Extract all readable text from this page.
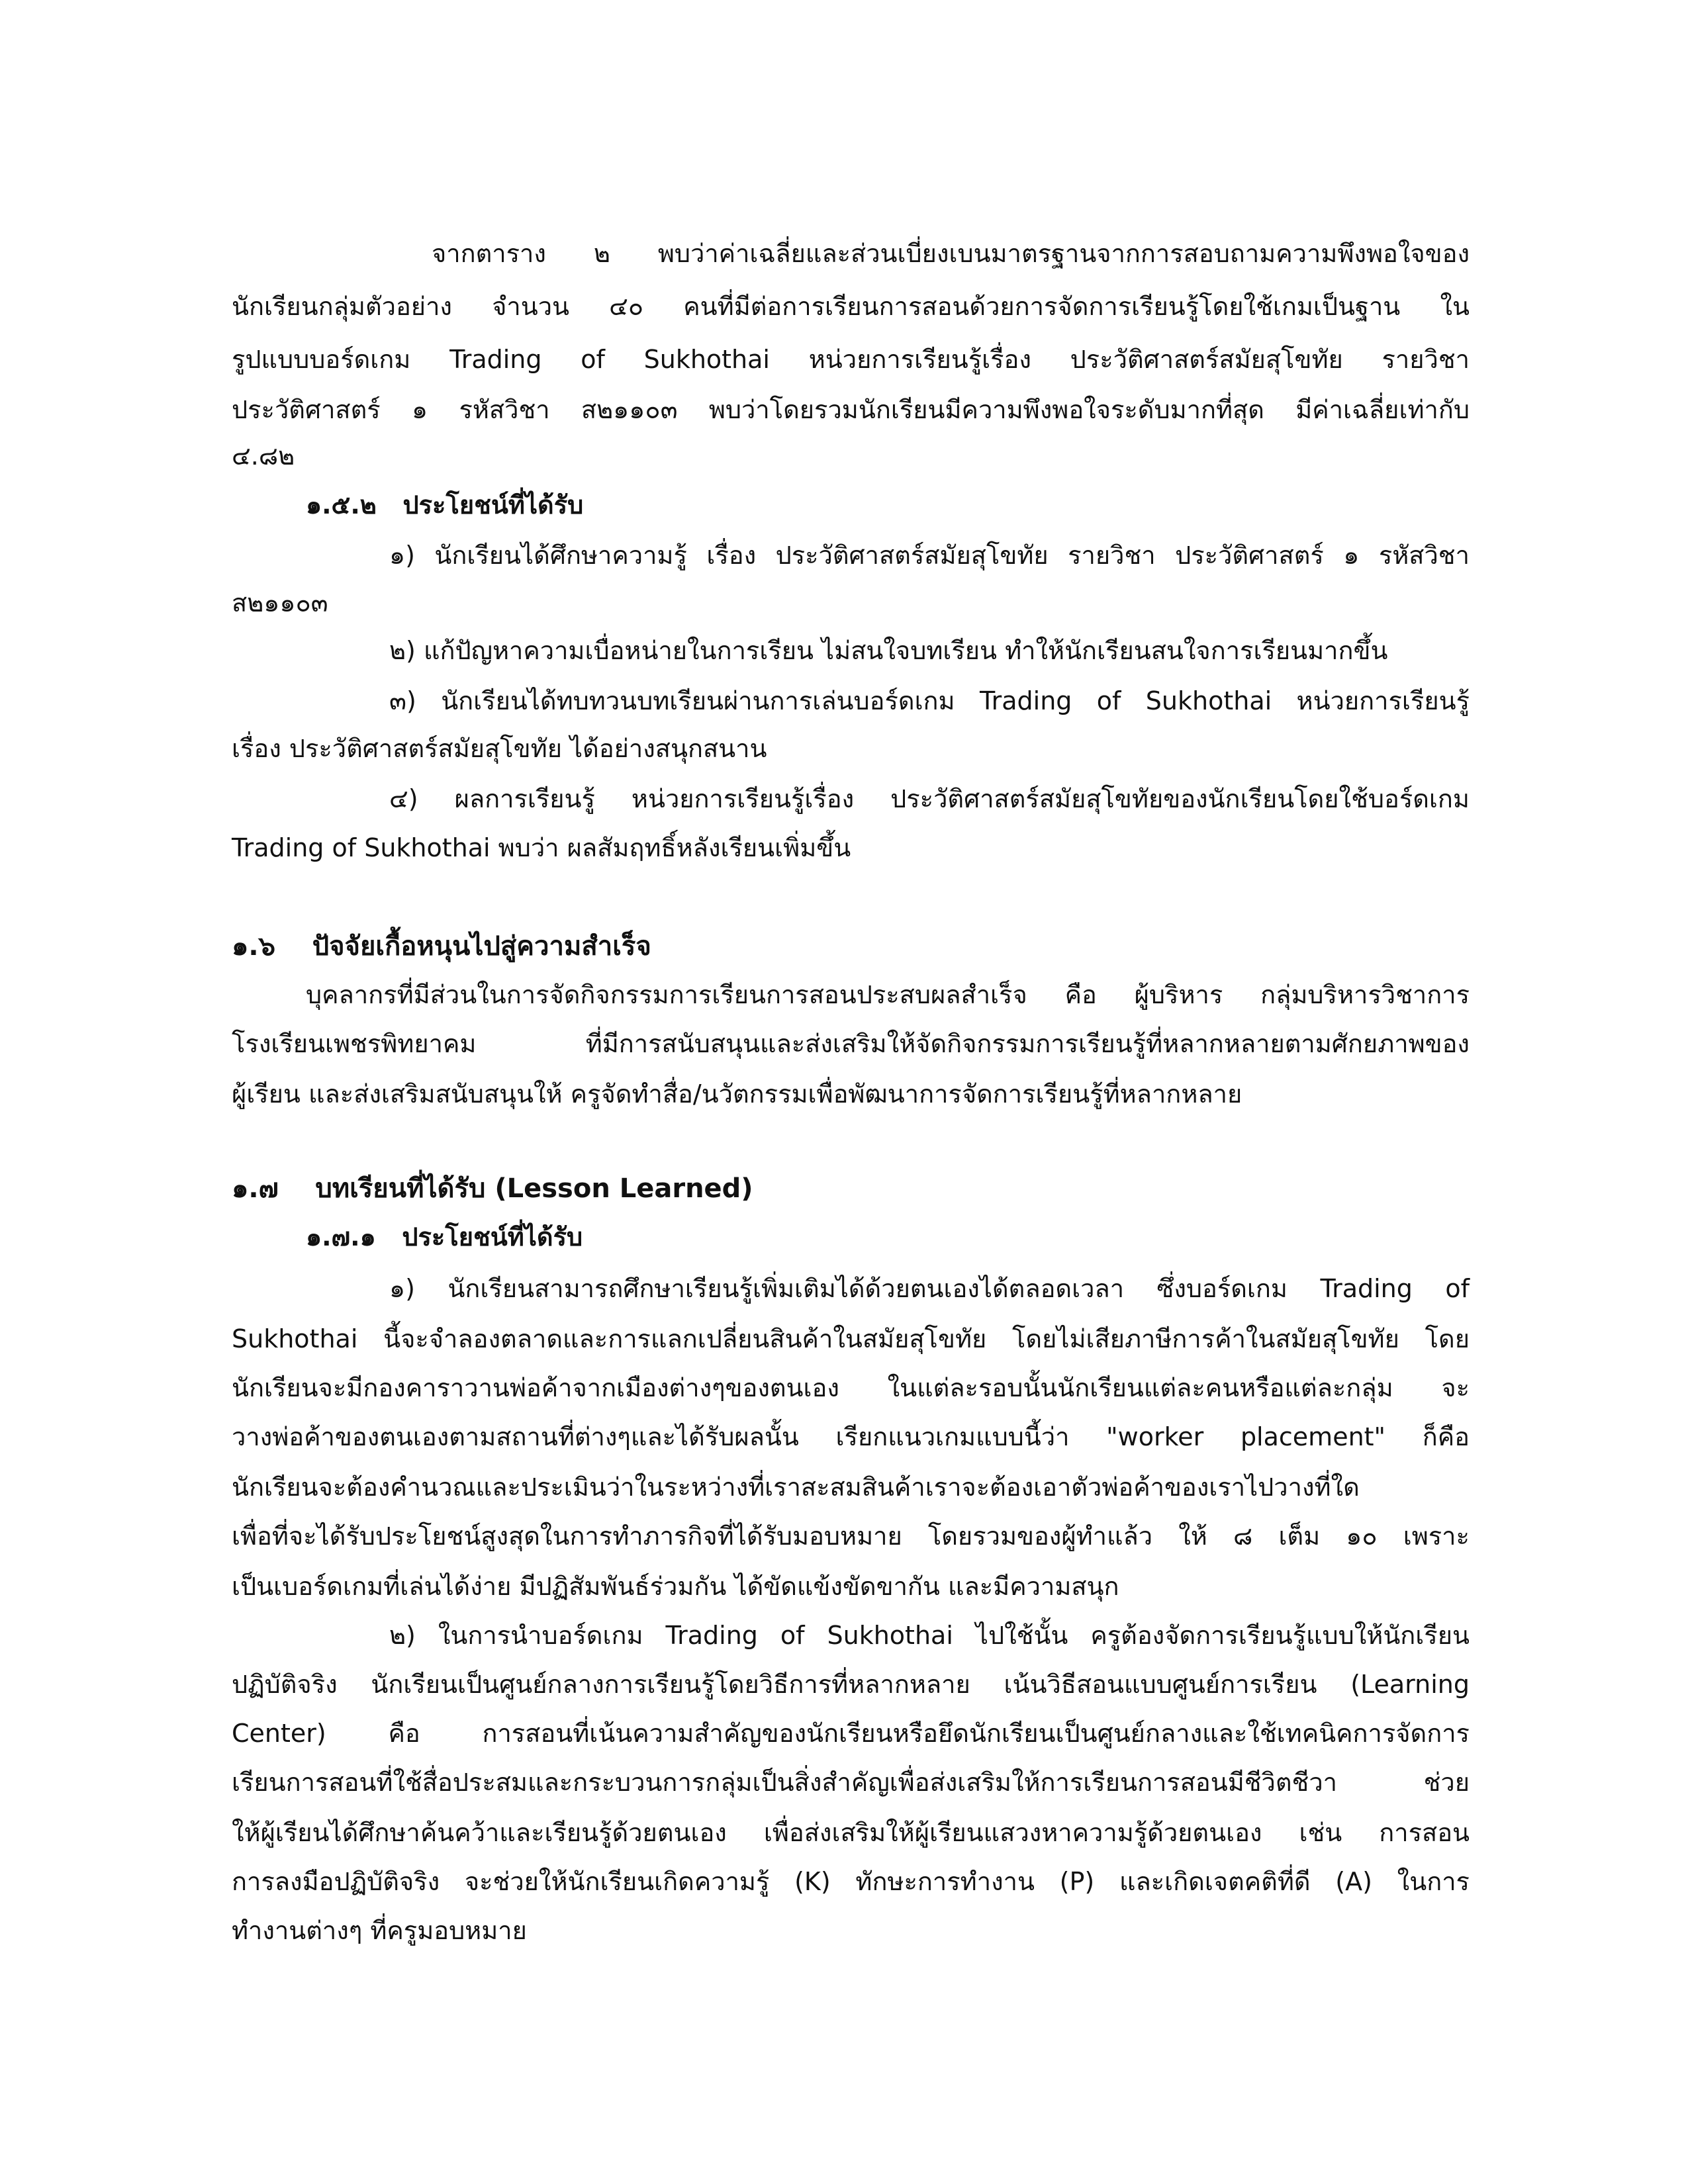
จากตาราง ๒ พบว่าค่าเฉลี่ยและส่วนเบี่ยงเบนมาตรฐานจากการสอบถามความพึงพอใจของ
นักเรียนกลุ่มตัวอย่าง จำนวน ๔๐ คนที่มีต่อการเรียนการสอนด้วยการจัดการเรียนรู้โดยใช้เกมเป็นฐาน ใน
รูปแบบบอร์ดเกม Trading of Sukhothai หน่วยการเรียนรู้เรื่อง ประวัติศาสตร์สมัยสุโขทัย รายวิชา
ประวัติศาสตร์ ๑ รหัสวิชา ส๒๑๑๐๓ พบว่าโดยรวมนักเรียนมีความพึงพอใจระดับมากที่สุด มีค่าเฉลี่ยเท่ากับ
๔.๘๒
๑.๕.๒ ประโยชน์ที่ได้รับ
๑) นักเรียนได้ศึกษาความรู้ เรื่อง ประวัติศาสตร์สมัยสุโขทัย รายวิชา ประวัติศาสตร์ ๑ รหัสวิชา
ส๒๑๑๐๓
๒) แก้ปัญหาความเบื่อหน่ายในการเรียน ไม่สนใจบทเรียน ทำให้นักเรียนสนใจการเรียนมากขึ้น
๓) นักเรียนได้ทบทวนบทเรียนผ่านการเล่นบอร์ดเกม Trading of Sukhothai หน่วยการเรียนรู้
เรื่อง ประวัติศาสตร์สมัยสุโขทัย ได้อย่างสนุกสนาน
๔) ผลการเรียนรู้ หน่วยการเรียนรู้เรื่อง ประวัติศาสตร์สมัยสุโขทัยของนักเรียนโดยใช้บอร์ดเกม
Trading of Sukhothai พบว่า ผลสัมฤทธิ์หลังเรียนเพิ่มขึ้น
๑.๖ ปัจจัยเกื้อหนุนไปสู่ความสำเร็จ
บุคลากรที่มีส่วนในการจัดกิจกรรมการเรียนการสอนประสบผลสำเร็จ คือ ผู้บริหาร กลุ่มบริหารวิชาการ
โรงเรียนเพชรพิทยาคม	ที่มีการสนับสนุนและส่งเสริมให้จัดกิจกรรมการเรียนรู้ที่หลากหลายตามศักยภาพของ
ผู้เรียน และส่งเสริมสนับสนุนให้ ครูจัดทำสื่อ/นวัตกรรมเพื่อพัฒนาการจัดการเรียนรู้ที่หลากหลาย
๑.๗ บทเรียนที่ได้รับ (Lesson Learned)
๑.๗.๑ ประโยชน์ที่ได้รับ
๑) นักเรียนสามารถศึกษาเรียนรู้เพิ่มเติมได้ด้วยตนเองได้ตลอดเวลา ซึ่งบอร์ดเกม Trading of
Sukhothai นี้จะจำลองตลาดและการแลกเปลี่ยนสินค้าในสมัยสุโขทัย โดยไม่เสียภาษีการค้าในสมัยสุโขทัย โดย
นักเรียนจะมีกองคาราวานพ่อค้าจากเมืองต่างๆของตนเอง ในแต่ละรอบนั้นนักเรียนแต่ละคนหรือแต่ละกลุ่ม จะ
วางพ่อค้าของตนเองตามสถานที่ต่างๆและได้รับผลนั้น เรียกแนวเกมแบบนี้ว่า "worker placement" ก็คือ
นักเรียนจะต้องคำนวณและประเมินว่าในระหว่างที่เราสะสมสินค้าเราจะต้องเอาตัวพ่อค้าของเราไปวางที่ใด
เพื่อที่จะได้รับประโยชน์สูงสุดในการทำภารกิจที่ได้รับมอบหมาย โดยรวมของผู้ทำแล้ว ให้ ๘ เต็ม ๑๐ เพราะ
เป็นเบอร์ดเกมที่เล่นได้ง่าย มีปฏิสัมพันธ์ร่วมกัน ได้ขัดแข้งขัดขากัน และมีความสนุก
๒) ในการนำบอร์ดเกม Trading of Sukhothai ไปใช้นั้น ครูต้องจัดการเรียนรู้แบบให้นักเรียน
ปฏิบัติจริง นักเรียนเป็นศูนย์กลางการเรียนรู้โดยวิธีการที่หลากหลาย เน้นวิธีสอนแบบศูนย์การเรียน (Learning
Center) คือ การสอนที่เน้นความสำคัญของนักเรียนหรือยึดนักเรียนเป็นศูนย์กลางและใช้เทคนิคการจัดการ
เรียนการสอนที่ใช้สื่อประสมและกระบวนการกลุ่มเป็นสิ่งสำคัญเพื่อส่งเสริมให้การเรียนการสอนมีชีวิตชีวา	ช่วย
ให้ผู้เรียนได้ศึกษาค้นคว้าและเรียนรู้ด้วยตนเอง เพื่อส่งเสริมให้ผู้เรียนแสวงหาความรู้ด้วยตนเอง เช่น การสอน
การลงมือปฏิบัติจริง จะช่วยให้นักเรียนเกิดความรู้ (K) ทักษะการทำงาน (P) และเกิดเจตคติที่ดี (A) ในการ
ทำงานต่างๆ ที่ครูมอบหมาย
